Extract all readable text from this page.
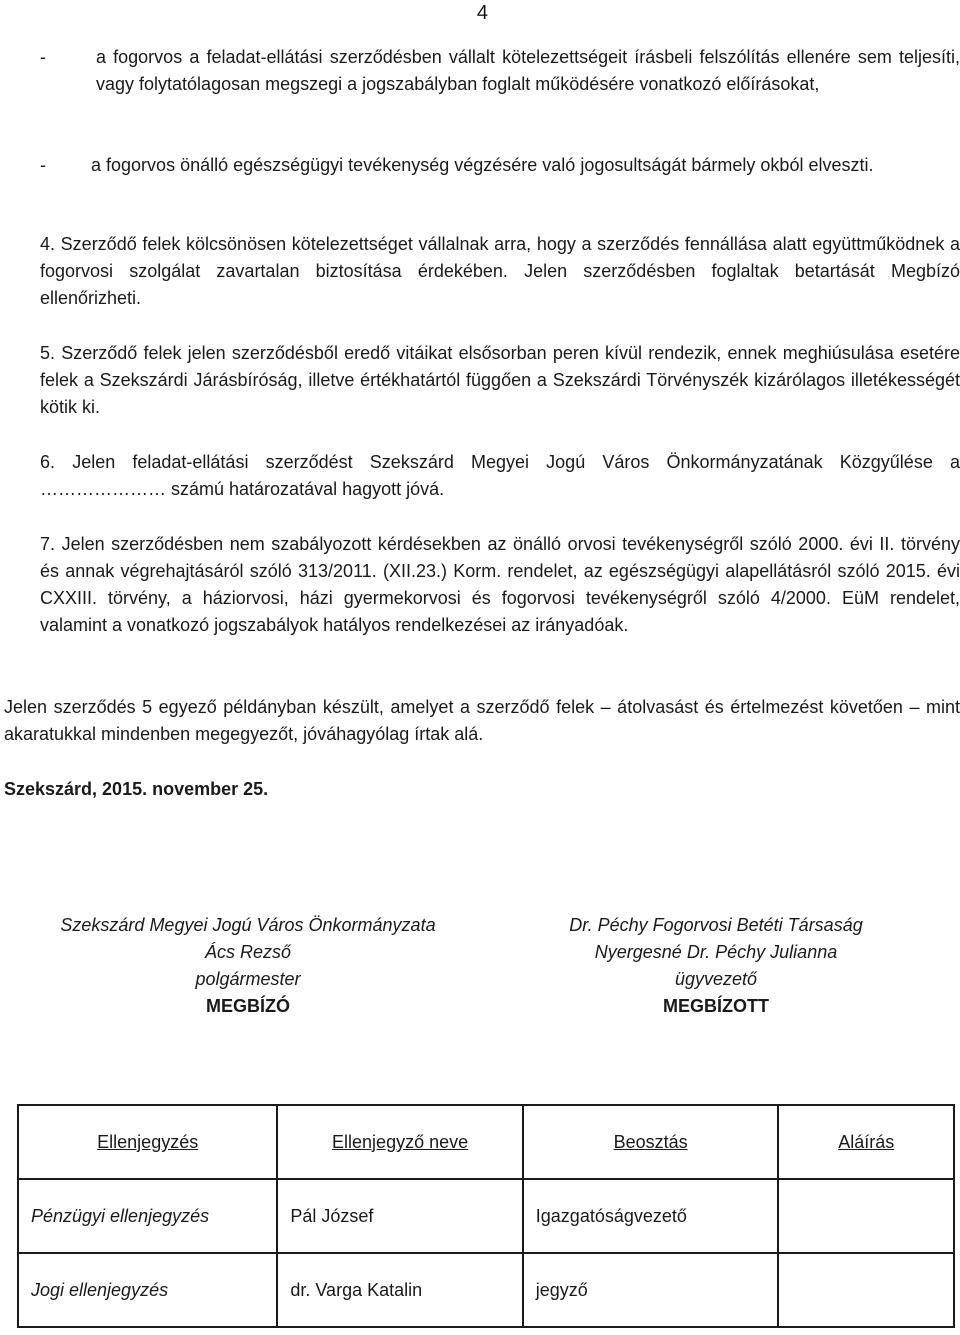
4
-	a fogorvos a feladat-ellátási szerződésben vállalt kötelezettségeit írásbeli felszólítás ellenére sem teljesíti, vagy folytatólagosan megszegi a jogszabályban foglalt működésére vonatkozó előírásokat,
-	a fogorvos önálló egészségügyi tevékenység végzésére való jogosultságát bármely okból elveszti.
4. Szerződő felek kölcsönösen kötelezettséget vállalnak arra, hogy a szerződés fennállása alatt együttműködnek a fogorvosi szolgálat zavartalan biztosítása érdekében. Jelen szerződésben foglaltak betartását Megbízó ellenőrizheti.
5. Szerződő felek jelen szerződésből eredő vitáikat elsősorban peren kívül rendezik, ennek meghiúsulása esetére felek a Szekszárdi Járásbíróság, illetve értékhatártól függően a Szekszárdi Törvényszék kizárólagos illetékességét kötik ki.
6. Jelen feladat-ellátási szerződést Szekszárd Megyei Jogú Város Önkormányzatának Közgyűlése a ………………… számú határozatával hagyott jóvá.
7. Jelen szerződésben nem szabályozott kérdésekben az önálló orvosi tevékenységről szóló 2000. évi II. törvény és annak végrehajtásáról szóló 313/2011. (XII.23.) Korm. rendelet, az egészségügyi alapellátásról szóló 2015. évi CXXIII. törvény, a háziorvosi, házi gyermekorvosi és fogorvosi tevékenységről szóló 4/2000. EüM rendelet, valamint a vonatkozó jogszabályok hatályos rendelkezései az irányadóak.
Jelen szerződés 5 egyező példányban készült, amelyet a szerződő felek – átolvasást és értelmezést követően – mint akaratukkal mindenben megegyezőt, jóváhagyólag írtak alá.
Szekszárd, 2015. november 25.
Szekszárd Megyei Jogú Város Önkormányzata
Ács Rezső
polgármester
MEGBÍZÓ
Dr. Péchy Fogorvosi Betéti Társaság
Nyergesné Dr. Péchy Julianna
ügyvezető
MEGBÍZOTT
Ellenjegyzés	Ellenjegyző neve	Beosztás	Aláírás
Pénzügyi ellenjegyzés	Pál József	Igazgatóságvezető	
Jogi ellenjegyzés	dr. Varga Katalin	jegyző	
